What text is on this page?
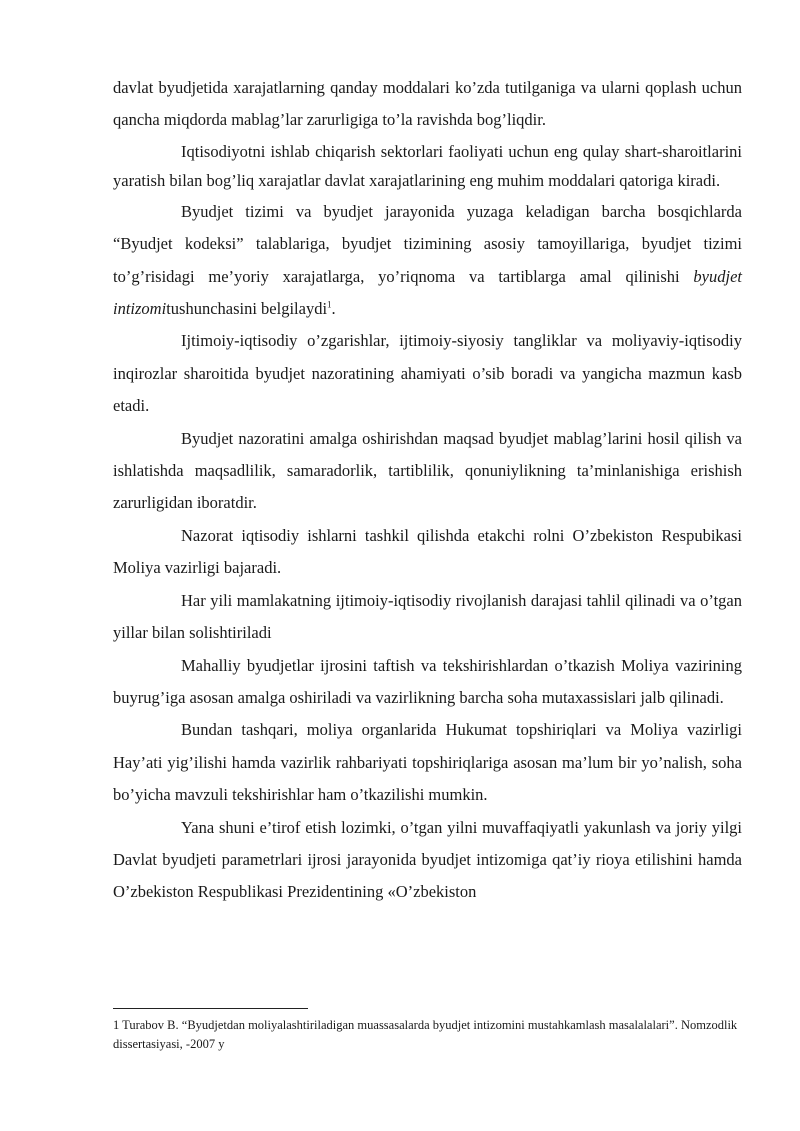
davlat byudjetida xarajatlarning qanday moddalari ko’zda tutilganiga va ularni qoplash uchun qancha miqdorda mablag’lar zarurligiga to’la ravishda bog’liqdir.

Iqtisodiyotni ishlab chiqarish sektorlari faoliyati uchun eng qulay shart-sharoitlarini yaratish bilan bog’liq xarajatlar davlat xarajatlarining eng muhim moddalari qatoriga kiradi.

Byudjet tizimi va byudjet jarayonida yuzaga keladigan barcha bosqichlarda “Byudjet kodeksi” talablariga, byudjet tizimining asosiy tamoyillariga, byudjet tizimi to’g’risidagi me’yoriy xarajatlarga, yo’riqnoma va tartiblarga amal qilinishi byudjet intizomitushunchasini belgilaydi$^1$.

Ijtimoiy-iqtisodiy o’zgarishlar, ijtimoiy-siyosiy tangliklar va moliyaviy-iqtisodiy inqirozlar sharoitida byudjet nazoratining ahamiyati o’sib boradi va yangicha mazmun kasb etadi.

Byudjet nazoratini amalga oshirishdan maqsad byudjet mablag’larini hosil qilish va ishlatishda maqsadlilik, samaradorlik, tartiblilik, qonuniylikning ta’minlanishiga erishish zarurligidan iboratdir.

Nazorat iqtisodiy ishlarni tashkil qilishda etakchi rolni O’zbekiston Respubikasi Moliya vazirligi bajaradi.

Har yili mamlakatning ijtimoiy-iqtisodiy rivojlanish darajasi tahlil qilinadi va o’tgan yillar bilan solishtiriladi

Mahalliy byudjetlar ijrosini taftish va tekshirishlardan o’tkazish Moliya vazirining buyrug’iga asosan amalga oshiriladi va vazirlikning barcha soha mutaxassislari jalb qilinadi.

Bundan tashqari, moliya organlarida Hukumat topshiriqlari va Moliya vazirligi Hay’ati yig’ilishi hamda vazirlik rahbariyati topshiriqlariga asosan ma’lum bir yo’nalish, soha bo’yicha mavzuli tekshirishlar ham o’tkazilishi mumkin.

Yana shuni e’tirof etish lozimki, o’tgan yilni muvaffaqiyatli yakunlash va joriy yilgi Davlat byudjeti parametrlari ijrosi jarayonida byudjet intizomiga qat’iy rioya etilishini hamda O’zbekiston Respublikasi Prezidentining «O’zbekiston

1 Turabov B. “Byudjetdan moliyalashtiriladigan muassasalarda byudjet intizomini mustahkamlash masalalalari”. Nomzodlik dissertasiyasi, -2007 y
